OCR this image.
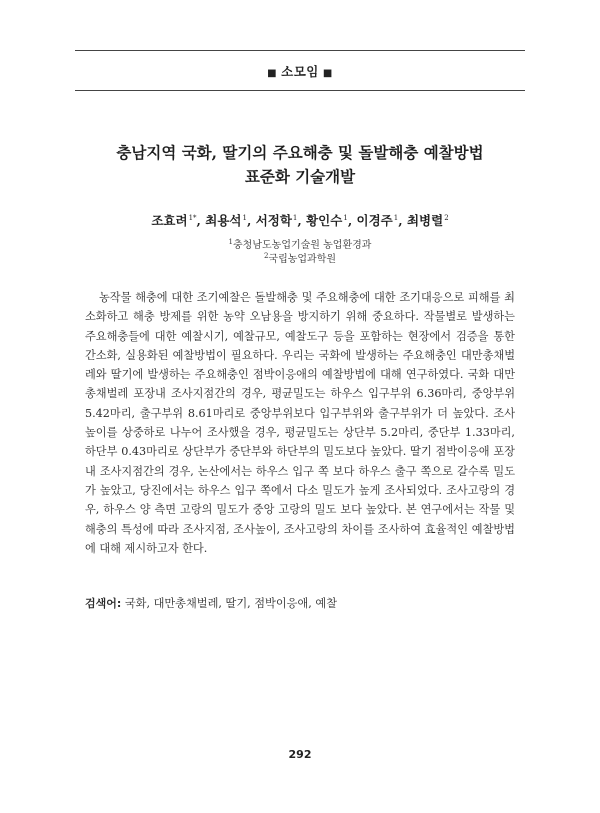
■ 소모임 ■
충남지역 국화, 딸기의 주요해충 및 돌발해충 예찰방법
표준화 기술개발
조효려$^{1*}$, 최용석$^1$, 서정학$^1$, 황인수$^1$, 이경주$^1$, 최병렬$^2$
$^1$충청남도농업기술원 농업환경과
$^2$국립농업과학원

농작물 해충에 대한 조기예찰은 돌발해충 및 주요해충에 대한 조기대응으로 피해를 최소화하고 해충 방제를 위한 농약 오남용을 방지하기 위해 중요하다. 작물별로 발생하는 주요해충들에 대한 예찰시기, 예찰규모, 예찰도구 등을 포함하는 현장에서 검증을 통한 간소화, 실용화된 예찰방법이 필요하다. 우리는 국화에 발생하는 주요해충인 대만총채벌레와 딸기에 발생하는 주요해충인 점박이응애의 예찰방법에 대해 연구하였다. 국화 대만총채벌레 포장내 조사지점간의 경우, 평균밀도는 하우스 입구부위 6.36마리, 중앙부위 5.42마리, 출구부위 8.61마리로 중앙부위보다 입구부위와 출구부위가 더 높았다. 조사높이를 상중하로 나누어 조사했을 경우, 평균밀도는 상단부 5.2마리, 중단부 1.33마리, 하단부 0.43마리로 상단부가 중단부와 하단부의 밀도보다 높았다. 딸기 점박이응애 포장내 조사지점간의 경우, 논산에서는 하우스 입구 쪽 보다 하우스 출구 쪽으로 갈수록 밀도가 높았고, 당진에서는 하우스 입구 쪽에서 다소 밀도가 높게 조사되었다. 조사고랑의 경우, 하우스 양 측면 고랑의 밀도가 중앙 고랑의 밀도 보다 높았다. 본 연구에서는 작물 및 해충의 특성에 따라 조사지점, 조사높이, 조사고랑의 차이를 조사하여 효율적인 예찰방법에 대해 제시하고자 한다.

검색어: 국화, 대만총채벌레, 딸기, 점박이응애, 예찰
292
